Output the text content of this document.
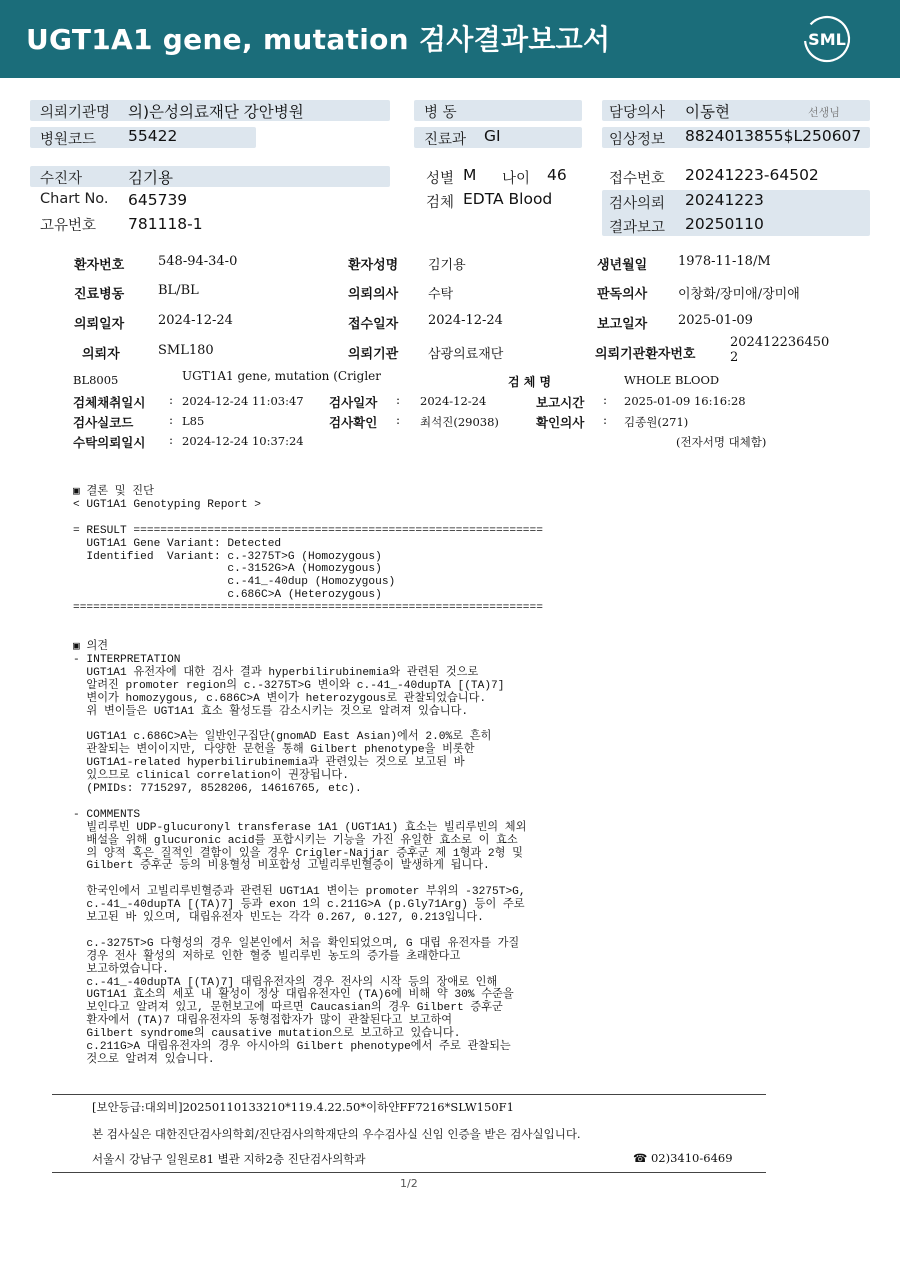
UGT1A1 gene, mutation 검사결과보고서	SML
의뢰기관명 의)은성의료재단 강안병원	병 동	담당의사 이동현	선생님
병원코드 55422	진료과 GI	임상정보 8824013855$L250607
수진자	김기용	성별 M 나이 46	접수번호 20241223-64502
Chart No. 645739	검체 EDTA Blood	검사의뢰 20241223
고유번호 781118-1	결과보고 20250110
환자번호	548-94-34-0	환자성명 김기용	생년월일 1978-11-18/M
진료병동	BL/BL	의뢰의사 수탁	판독의사 이창화/장미애/장미애
의뢰일자	2024-12-24	접수일자 2024-12-24	보고일자 2025-01-09
의뢰자	SML180	의뢰기관 삼광의료재단	의뢰기관환자번호
202412236450
2
BL8005	UGT1A1 gene, mutation (Crigler	검 체 명	WHOLE BLOOD
검체채취일시 : 2024-12-24 11:03:47 검사일자 : 2024-12-24	보고시간 : 2025-01-09 16:16:28
검사실코드	: L85	검사확인 : 최석진(29038)	확인의사 : 김종원(271)
수탁의뢰일시 : 2024-12-24 10:37:24	(전자서명 대체함)
▣ 결론 및 진단
< UGT1A1 Genotyping Report >

= RESULT =============================================================
UGT1A1 Gene Variant: Detected
Identified  Variant: c.-3275T>G (Homozygous)
c.-3152G>A (Homozygous)
c.-41_-40dup (Homozygous)
c.686C>A (Heterozygous)
======================================================================
▣ 의견
- INTERPRETATION
UGT1A1 유전자에 대한 검사 결과 hyperbilirubinemia와 관련된 것으로
알려진 promoter region의 c.-3275T>G 변이와 c.-41_-40dupTA [(TA)7]
변이가 homozygous, c.686C>A 변이가 heterozygous로 관찰되었습니다.
위 변이들은 UGT1A1 효소 활성도를 감소시키는 것으로 알려져 있습니다.

UGT1A1 c.686C>A는 일반인구집단(gnomAD East Asian)에서 2.0%로 흔히
관찰되는 변이이지만, 다양한 문헌을 통해 Gilbert phenotype을 비롯한
UGT1A1-related hyperbilirubinemia과 관련있는 것으로 보고된 바
있으므로 clinical correlation이 권장됩니다.
(PMIDs: 7715297, 8528206, 14616765, etc).

- COMMENTS
빌리루빈 UDP-glucuronyl transferase 1A1 (UGT1A1) 효소는 빌리루빈의 체외
배설을 위해 glucuronic acid를 포합시키는 기능을 가진 유일한 효소로 이 효소
의 양적 혹은 질적인 결함이 있을 경우 Crigler-Najjar 증후군 제 1형과 2형 및
Gilbert 증후군 등의 비용혈성 비포합성 고빌리루빈혈증이 발생하게 됩니다.

한국인에서 고빌리루빈혈증과 관련된 UGT1A1 변이는 promoter 부위의 -3275T>G,
c.-41_-40dupTA [(TA)7] 등과 exon 1의 c.211G>A (p.Gly71Arg) 등이 주로
보고된 바 있으며, 대립유전자 빈도는 각각 0.267, 0.127, 0.213입니다.

c.-3275T>G 다형성의 경우 일본인에서 처음 확인되었으며, G 대립 유전자를 가질
경우 전사 활성의 저하로 인한 혈중 빌리루빈 농도의 증가를 초래한다고
보고하였습니다.
c.-41_-40dupTA [(TA)7] 대립유전자의 경우 전사의 시작 등의 장애로 인해
UGT1A1 효소의 세포 내 활성이 정상 대립유전자인 (TA)6에 비해 약 30% 수준을
보인다고 알려져 있고, 문헌보고에 따르면 Caucasian의 경우 Gilbert 증후군
환자에서 (TA)7 대립유전자의 동형접합자가 많이 관찰된다고 보고하여
Gilbert syndrome의 causative mutation으로 보고하고 있습니다.
c.211G>A 대립유전자의 경우 아시아의 Gilbert phenotype에서 주로 관찰되는
것으로 알려져 있습니다.
[보안등급:대외비]20250110133210*119.4.22.50*이하얀FF7216*SLW150F1
본 검사실은 대한진단검사의학회/진단검사의학재단의 우수검사실 신임 인증을 받은 검사실입니다.
서울시 강남구 일원로81 별관 지하2층 진단검사의학과	☎ 02)3410-6469
1/2
